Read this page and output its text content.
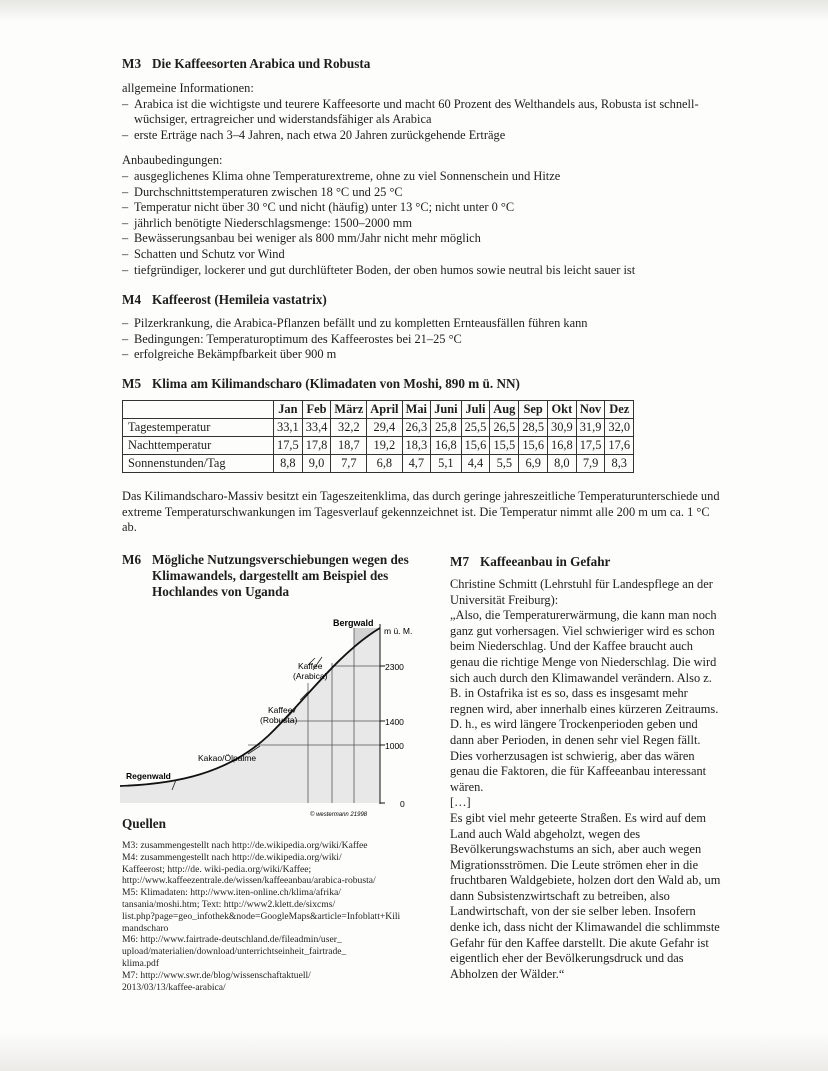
M3 Die Kaffeesorten Arabica und Robusta
allgemeine Informationen:
– Arabica ist die wichtigste und teurere Kaffeesorte und macht 60 Prozent des Welthandels aus, Robusta ist schnell-wüchsiger, ertragreicher und widerstandsfähiger als Arabica
– erste Erträge nach 3–4 Jahren, nach etwa 20 Jahren zurückgehende Erträge
Anbaubedingungen:
– ausgeglichenes Klima ohne Temperaturextreme, ohne zu viel Sonnenschein und Hitze
– Durchschnittstemperaturen zwischen 18 °C und 25 °C
– Temperatur nicht über 30 °C und nicht (häufig) unter 13 °C; nicht unter 0 °C
– jährlich benötigte Niederschlagsmenge: 1500–2000 mm
– Bewässerungsanbau bei weniger als 800 mm/Jahr nicht mehr möglich
– Schatten und Schutz vor Wind
– tiefgründiger, lockerer und gut durchlüfteter Boden, der oben humos sowie neutral bis leicht sauer ist
M4 Kaffeerost (Hemileia vastatrix)
– Pilzerkrankung, die Arabica-Pflanzen befällt und zu kompletten Ernteausfällen führen kann
– Bedingungen: Temperaturoptimum des Kaffeerostes bei 21–25 °C
– erfolgreiche Bekämpfbarkeit über 900 m
M5 Klima am Kilimandscharo (Klimadaten von Moshi, 890 m ü. NN)
	Jan	Feb	März	April	Mai	Juni	Juli	Aug	Sep	Okt	Nov	Dez
Tagestemperatur	33,1	33,4	32,2	29,4	26,3	25,8	25,5	26,5	28,5	30,9	31,9	32,0
Nachttemperatur	17,5	17,8	18,7	19,2	18,3	16,8	15,6	15,5	15,6	16,8	17,5	17,6
Sonnenstunden/Tag	8,8	9,0	7,7	6,8	4,7	5,1	4,4	5,5	6,9	8,0	7,9	8,3
Das Kilimandscharo-Massiv besitzt ein Tageszeitenklima, das durch geringe jahreszeitliche Temperaturunterschiede und extreme Temperaturschwankungen im Tagesverlauf gekennzeichnet ist. Die Temperatur nimmt alle 200 m um ca. 1 °C ab.
M6 Mögliche Nutzungsverschiebungen wegen des
Klimawandels, dargestellt am Beispiel des
Hochlandes von Uganda
Bergwald
m ü. M.
2300
1400
1000
0
Kaffee
(Arabica)
Kaffee
(Robusta)
Kakao/Ölpalme
Regenwald
© westermann 21998
Quellen
M3: zusammengestellt nach http://de.wikipedia.org/wiki/Kaffee
M4: zusammengestellt nach http://de.wikipedia.org/wiki/
Kaffeerost; http://de. wiki-pedia.org/wiki/Kaffee;
http://www.kaffeezentrale.de/wissen/kaffeeanbau/arabica-robusta/
M5: Klimadaten: http://www.iten-online.ch/klima/afrika/
tansania/moshi.htm; Text: http://www2.klett.de/sixcms/
list.php?page=geo_infothek&node=GoogleMaps&article=Infoblatt+Kili
mandscharo
M6: http://www.fairtrade-deutschland.de/fileadmin/user_
upload/materialien/download/unterrichtseinheit_fairtrade_
klima.pdf
M7: http://www.swr.de/blog/wissenschaftaktuell/
2013/03/13/kaffee-arabica/
M7 Kaffeeanbau in Gefahr

Christine Schmitt (Lehrstuhl für Landespflege an der Universität Freiburg):

„Also, die Temperaturerwärmung, die kann man noch ganz gut vorhersagen. Viel schwieriger wird es schon beim Niederschlag. Und der Kaffee braucht auch genau die richtige Menge von Niederschlag. Die wird sich auch durch den Klimawandel verändern. Also z. B. in Ostafrika ist es so, dass es insgesamt mehr regnen wird, aber innerhalb eines kürzeren Zeitraums. D. h., es wird längere Trockenperioden geben und dann aber Perioden, in denen sehr viel Regen fällt. Dies vorherzusagen ist schwierig, aber das wären genau die Faktoren, die für Kaffeeanbau interessant wären.

[…]

Es gibt viel mehr geteerte Straßen. Es wird auf dem Land auch Wald abgeholzt, wegen des Bevölkerungswachstums an sich, aber auch wegen Migrationsströmen. Die Leute strömen eher in die fruchtbaren Waldgebiete, holzen dort den Wald ab, um dann Subsistenzwirtschaft zu betreiben, also Landwirtschaft, von der sie selber leben. Insofern denke ich, dass nicht der Klimawandel die schlimmste Gefahr für den Kaffee darstellt. Die akute Gefahr ist eigentlich eher der Bevölkerungsdruck und das Abholzen der Wälder.“
